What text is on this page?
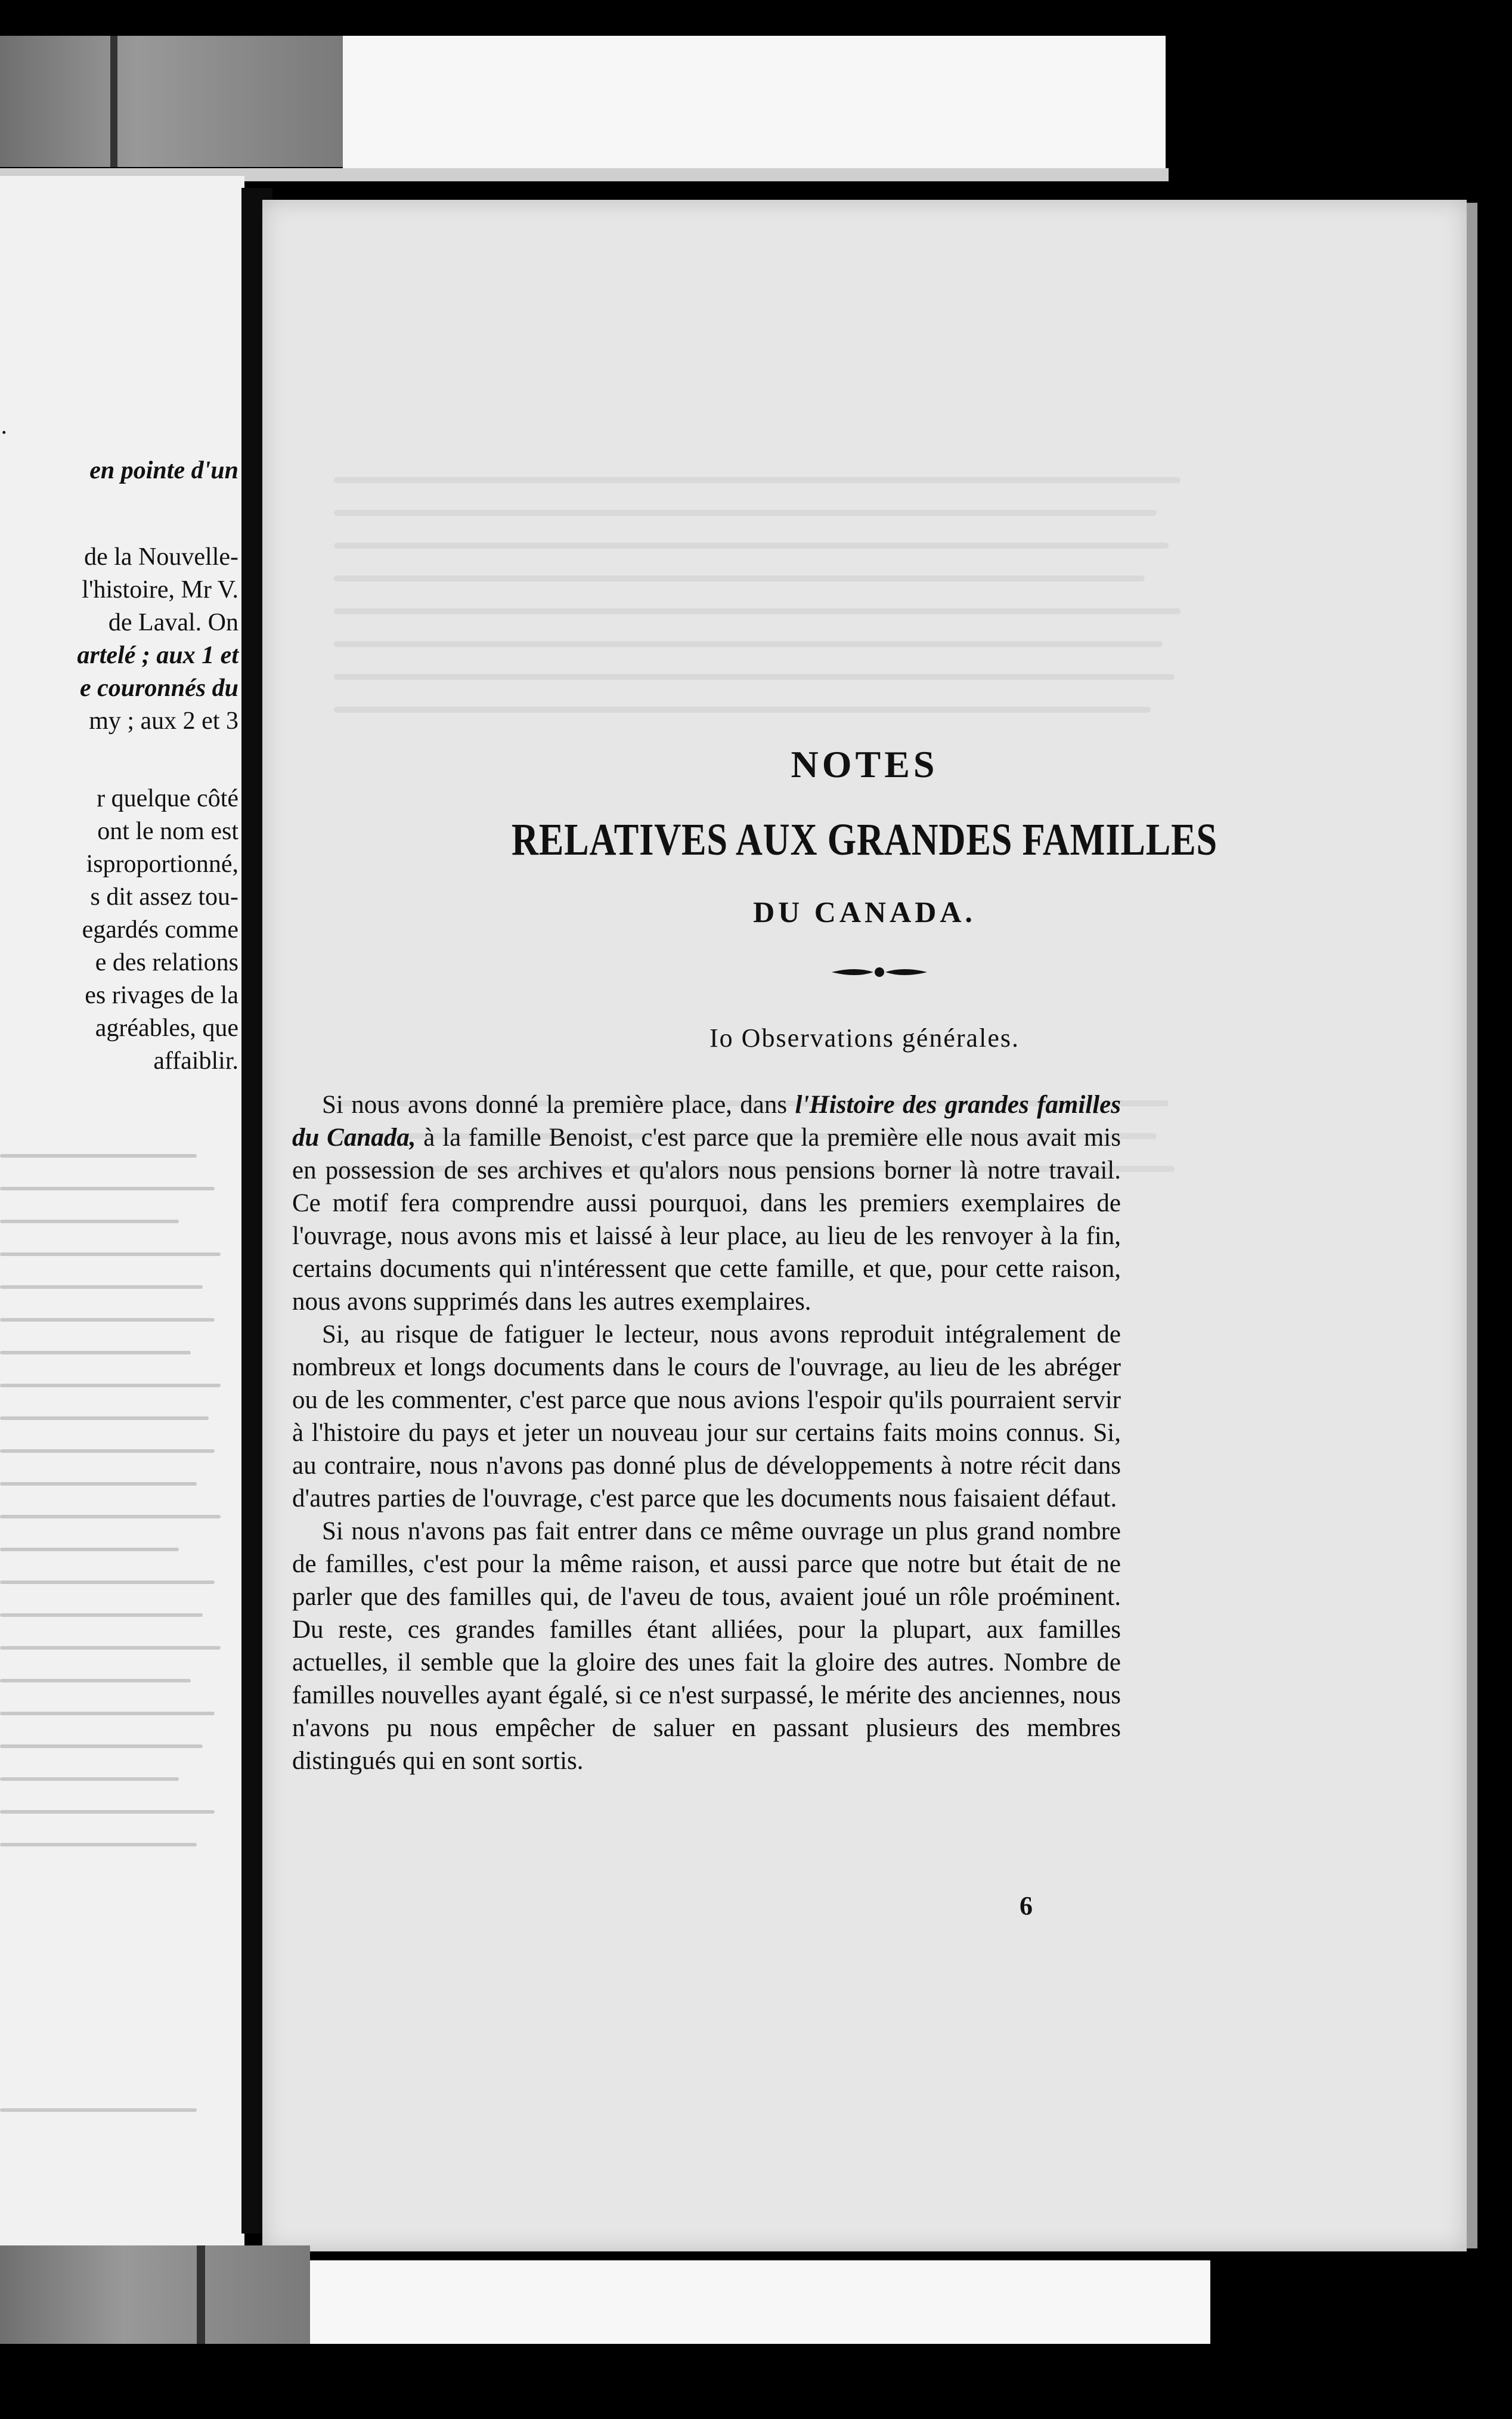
.
en pointe d'un
de la Nouvelle-
l'histoire, Mr V.
de Laval. On
artelé ; aux 1 et
e couronnés du
my ; aux 2 et 3
r quelque côté
ont le nom est
isproportionné,
s dit assez tou-
egardés comme
e des relations
es rivages de la
agréables, que
affaiblir.
NOTES
RELATIVES AUX GRANDES FAMILLES
DU CANADA.
Io Observations générales.

Si nous avons donné la première place, dans l'Histoire des grandes familles du Canada, à la famille Benoist, c'est parce que la première elle nous avait mis en possession de ses archives et qu'alors nous pensions borner là notre travail. Ce motif fera comprendre aussi pourquoi, dans les premiers exemplaires de l'ouvrage, nous avons mis et laissé à leur place, au lieu de les renvoyer à la fin, certains documents qui n'intéressent que cette famille, et que, pour cette raison, nous avons supprimés dans les autres exemplaires.

Si, au risque de fatiguer le lecteur, nous avons reproduit intégralement de nombreux et longs documents dans le cours de l'ouvrage, au lieu de les abréger ou de les commenter, c'est parce que nous avions l'espoir qu'ils pourraient servir à l'histoire du pays et jeter un nouveau jour sur certains faits moins connus. Si, au contraire, nous n'avons pas donné plus de développements à notre récit dans d'autres parties de l'ouvrage, c'est parce que les documents nous faisaient défaut.

Si nous n'avons pas fait entrer dans ce même ouvrage un plus grand nombre de familles, c'est pour la même raison, et aussi parce que notre but était de ne parler que des familles qui, de l'aveu de tous, avaient joué un rôle proéminent. Du reste, ces grandes familles étant alliées, pour la plupart, aux familles actuelles, il semble que la gloire des unes fait la gloire des autres. Nombre de familles nouvelles ayant égalé, si ce n'est surpassé, le mérite des anciennes, nous n'avons pu nous empêcher de saluer en passant plusieurs des membres distingués qui en sont sortis.

6
